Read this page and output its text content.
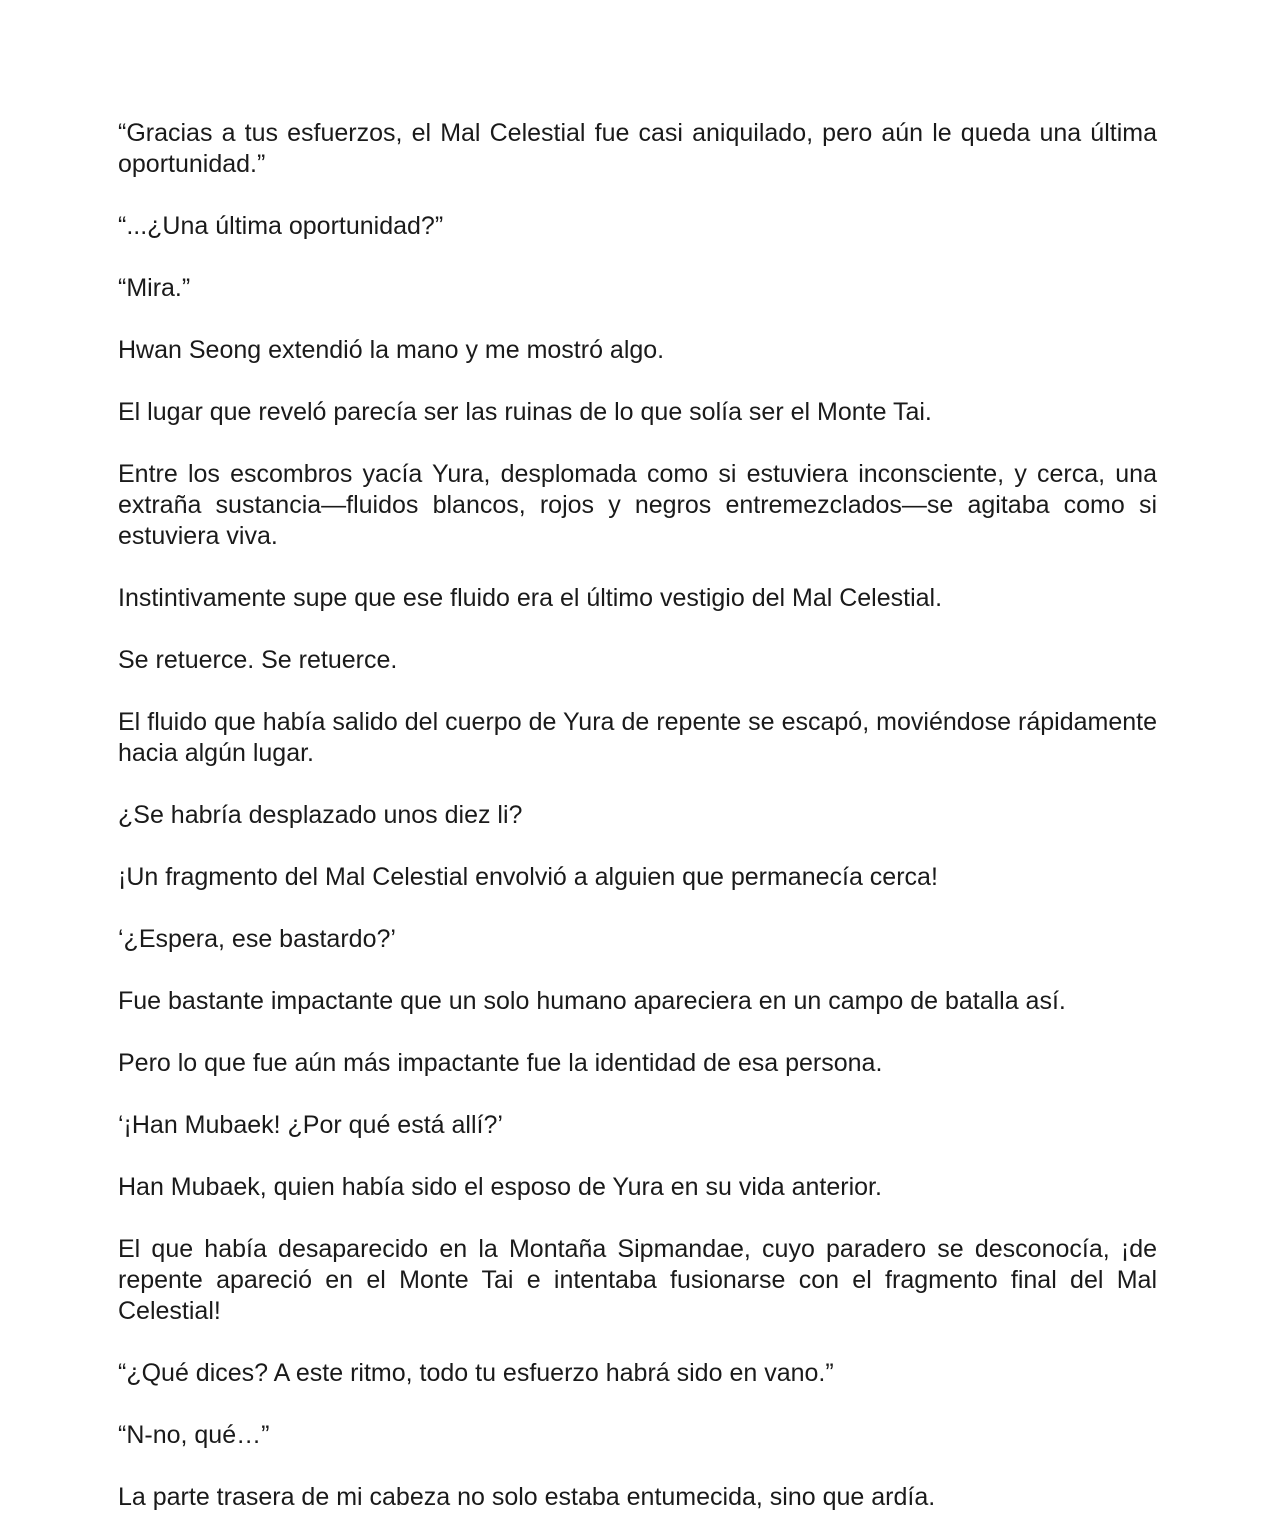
“Gracias a tus esfuerzos, el Mal Celestial fue casi aniquilado, pero aún le queda una última oportunidad.”

“...¿Una última oportunidad?”

“Mira.”

Hwan Seong extendió la mano y me mostró algo.

El lugar que reveló parecía ser las ruinas de lo que solía ser el Monte Tai.

Entre los escombros yacía Yura, desplomada como si estuviera inconsciente, y cerca, una extraña sustancia—fluidos blancos, rojos y negros entremezclados—se agitaba como si estuviera viva.

Instintivamente supe que ese fluido era el último vestigio del Mal Celestial.

Se retuerce. Se retuerce.

El fluido que había salido del cuerpo de Yura de repente se escapó, moviéndose rápidamente hacia algún lugar.

¿Se habría desplazado unos diez li?

¡Un fragmento del Mal Celestial envolvió a alguien que permanecía cerca!

‘¿Espera, ese bastardo?’

Fue bastante impactante que un solo humano apareciera en un campo de batalla así.

Pero lo que fue aún más impactante fue la identidad de esa persona.

‘¡Han Mubaek! ¿Por qué está allí?’

Han Mubaek, quien había sido el esposo de Yura en su vida anterior.

El que había desaparecido en la Montaña Sipmandae, cuyo paradero se desconocía, ¡de repente apareció en el Monte Tai e intentaba fusionarse con el fragmento final del Mal Celestial!

“¿Qué dices? A este ritmo, todo tu esfuerzo habrá sido en vano.”

“N-no, qué…”

La parte trasera de mi cabeza no solo estaba entumecida, sino que ardía.
